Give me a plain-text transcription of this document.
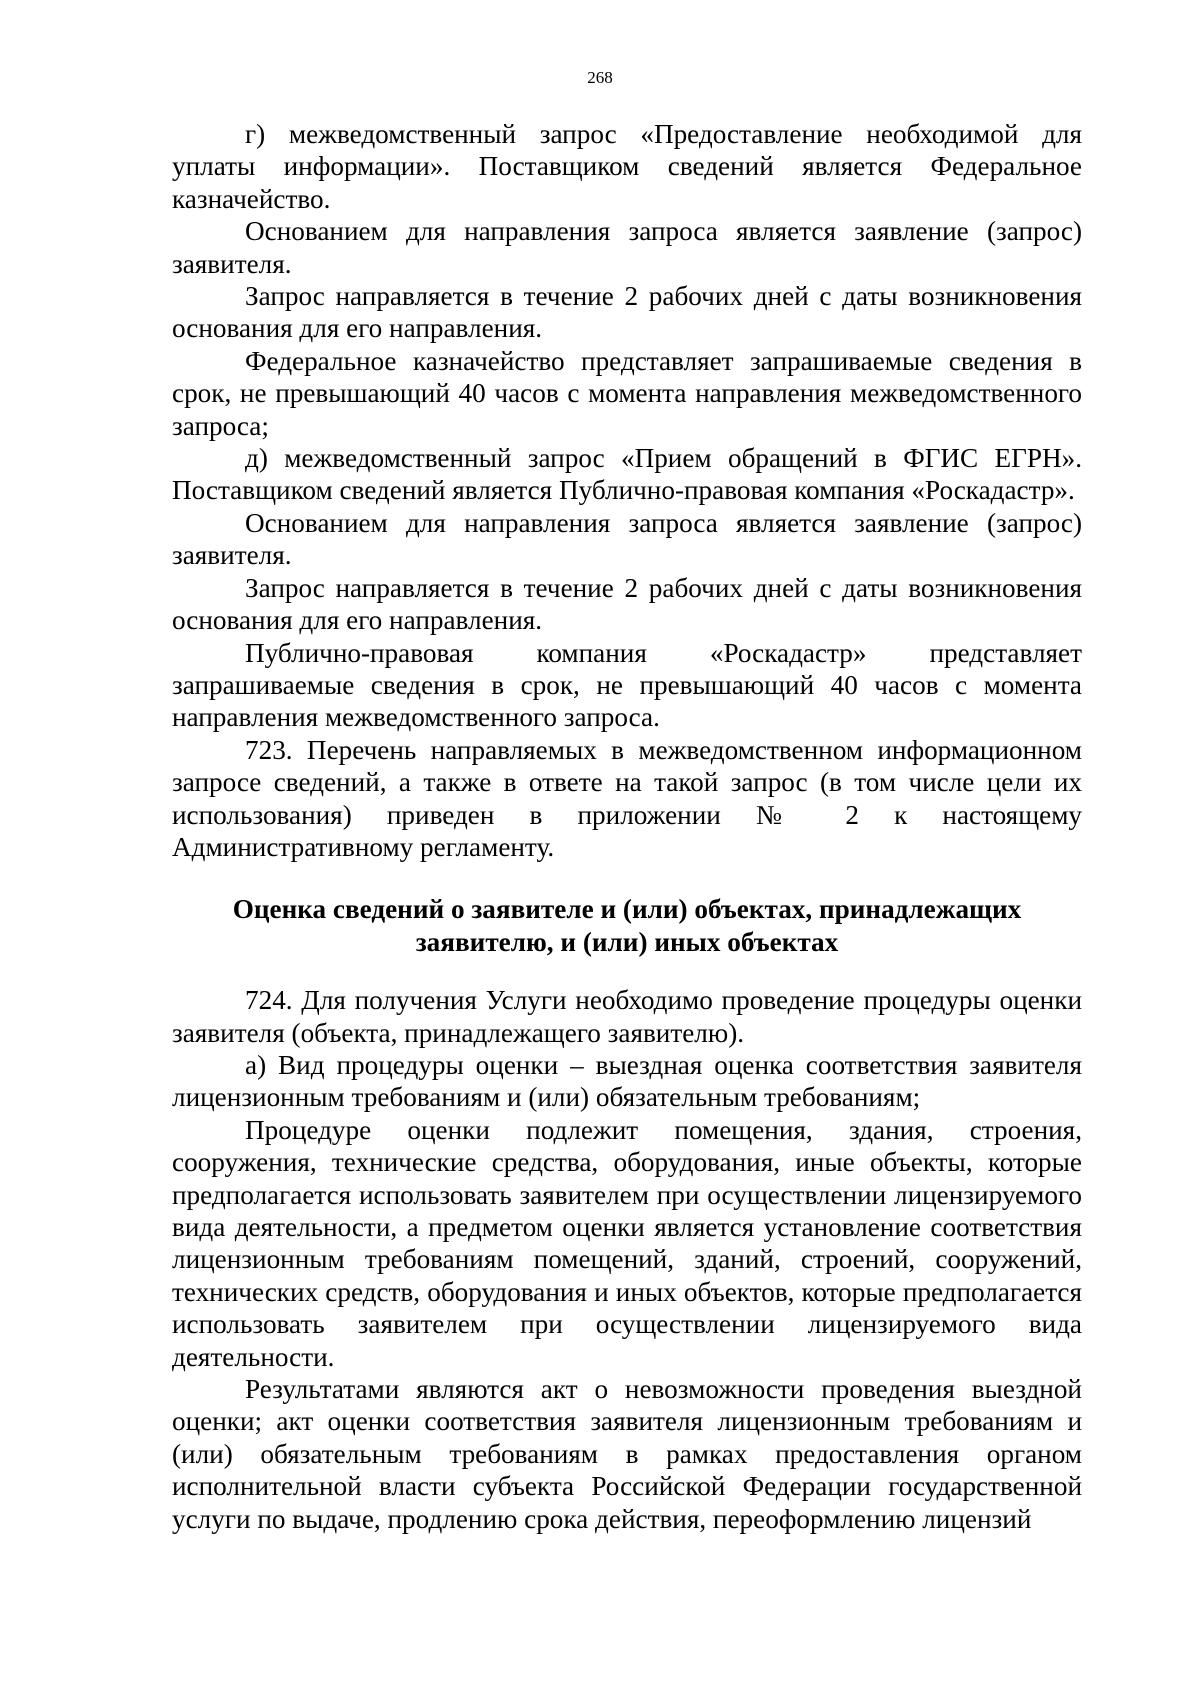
268

г) межведомственный запрос «Предоставление необходимой для уплаты информации». Поставщиком сведений является Федеральное казначейство.

Основанием для направления запроса является заявление (запрос) заявителя.

Запрос направляется в течение 2 рабочих дней с даты возникновения основания для его направления.

Федеральное казначейство представляет запрашиваемые сведения в срок, не превышающий 40 часов с момента направления межведомственного запроса;

д) межведомственный запрос «Прием обращений в ФГИС ЕГРН». Поставщиком сведений является Публично-правовая компания «Роскадастр».

Основанием для направления запроса является заявление (запрос) заявителя.

Запрос направляется в течение 2 рабочих дней с даты возникновения основания для его направления.

Публично-правовая компания «Роскадастр» представляет запрашиваемые сведения в срок, не превышающий 40 часов с момента направления межведомственного запроса.

723. Перечень направляемых в межведомственном информационном запросе сведений, а также в ответе на такой запрос (в том числе цели их использования) приведен в приложении № 2 к настоящему Административному регламенту.

Оценка сведений о заявителе и (или) объектах, принадлежащих
заявителю, и (или) иных объектах

724. Для получения Услуги необходимо проведение процедуры оценки заявителя (объекта, принадлежащего заявителю).

а) Вид процедуры оценки – выездная оценка соответствия заявителя лицензионным требованиям и (или) обязательным требованиям;

Процедуре оценки подлежит помещения, здания, строения, сооружения, технические средства, оборудования, иные объекты, которые предполагается использовать заявителем при осуществлении лицензируемого вида деятельности, а предметом оценки является установление соответствия лицензионным требованиям помещений, зданий, строений, сооружений, технических средств, оборудования и иных объектов, которые предполагается использовать заявителем при осуществлении лицензируемого вида деятельности.

Результатами являются акт о невозможности проведения выездной оценки; акт оценки соответствия заявителя лицензионным требованиям и (или) обязательным требованиям в рамках предоставления органом исполнительной власти субъекта Российской Федерации государственной услуги по выдаче, продлению срока действия, переоформлению лицензий
